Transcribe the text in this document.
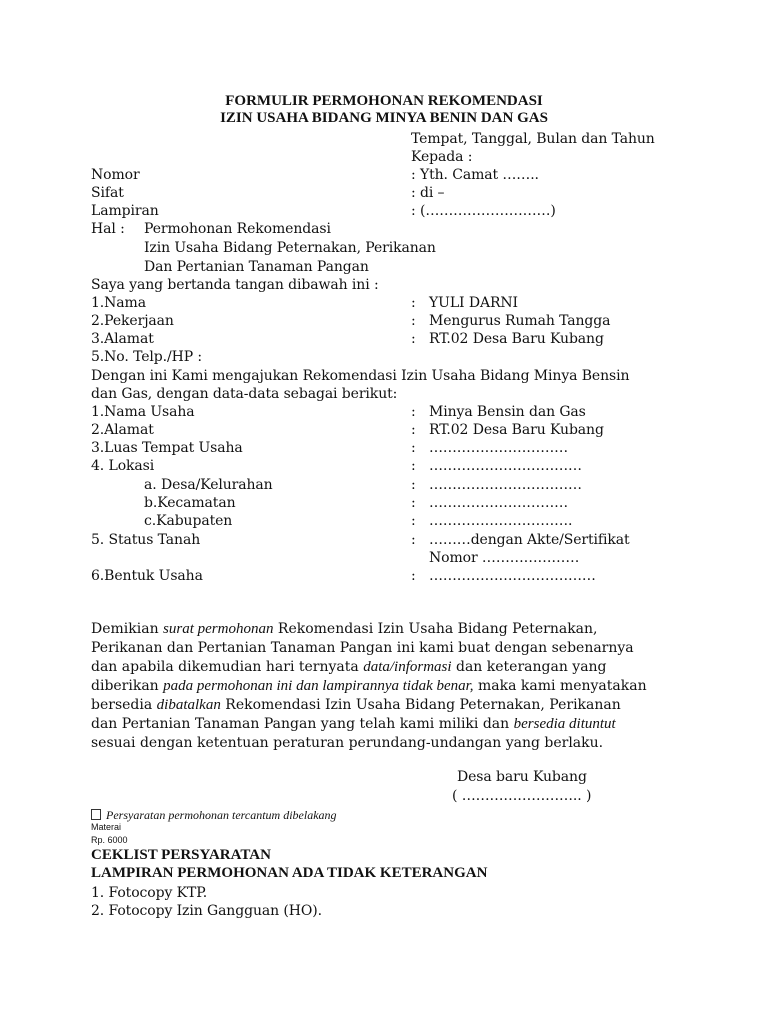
FORMULIR PERMOHONAN REKOMENDASI
IZIN USAHA BIDANG MINYA BENIN DAN GAS
Tempat, Tanggal, Bulan dan Tahun
Kepada :
Nomor	: Yth. Camat ……..
Sifat	: di –
Lampiran	: (………………………)
Hal : Permohonan Rekomendasi
Izin Usaha Bidang Peternakan, Perikanan
Dan Pertanian Tanaman Pangan
Saya yang bertanda tangan dibawah ini :
1.Nama	: YULI DARNI
2.Pekerjaan	: Mengurus Rumah Tangga
3.Alamat	: RT.02 Desa Baru Kubang
5.No. Telp./HP :
Dengan ini Kami mengajukan Rekomendasi Izin Usaha Bidang Minya Bensin
dan Gas, dengan data-data sebagai berikut:
1.Nama Usaha	: Minya Bensin dan Gas
2.Alamat	: RT.02 Desa Baru Kubang
3.Luas Tempat Usaha	: …………………………
4. Lokasi	: ……………………………
a. Desa/Kelurahan	: ……………………………
b.Kecamatan	: …………………………
c.Kabupaten	: ………………………….
5. Status Tanah	: ………dengan Akte/Sertifikat
Nomor …………………
6.Bentuk Usaha	: ………………………………
Demikian surat permohonan Rekomendasi Izin Usaha Bidang Peternakan, Perikanan dan Pertanian Tanaman Pangan ini kami buat dengan sebenarnya dan apabila dikemudian hari ternyata data/informasi dan keterangan yang diberikan pada permohonan ini dan lampirannya tidak benar, maka kami menyatakan bersedia dibatalkan Rekomendasi Izin Usaha Bidang Peternakan, Perikanan dan Pertanian Tanaman Pangan yang telah kami miliki dan bersedia dituntut sesuai dengan ketentuan peraturan perundang-undangan yang berlaku.
Desa baru Kubang
( …………………….. )
Persyaratan permohonan tercantum dibelakang
Materai
Rp. 6000
CEKLIST PERSYARATAN
LAMPIRAN PERMOHONAN ADA TIDAK KETERANGAN
1. Fotocopy KTP.
2. Fotocopy Izin Gangguan (HO).
